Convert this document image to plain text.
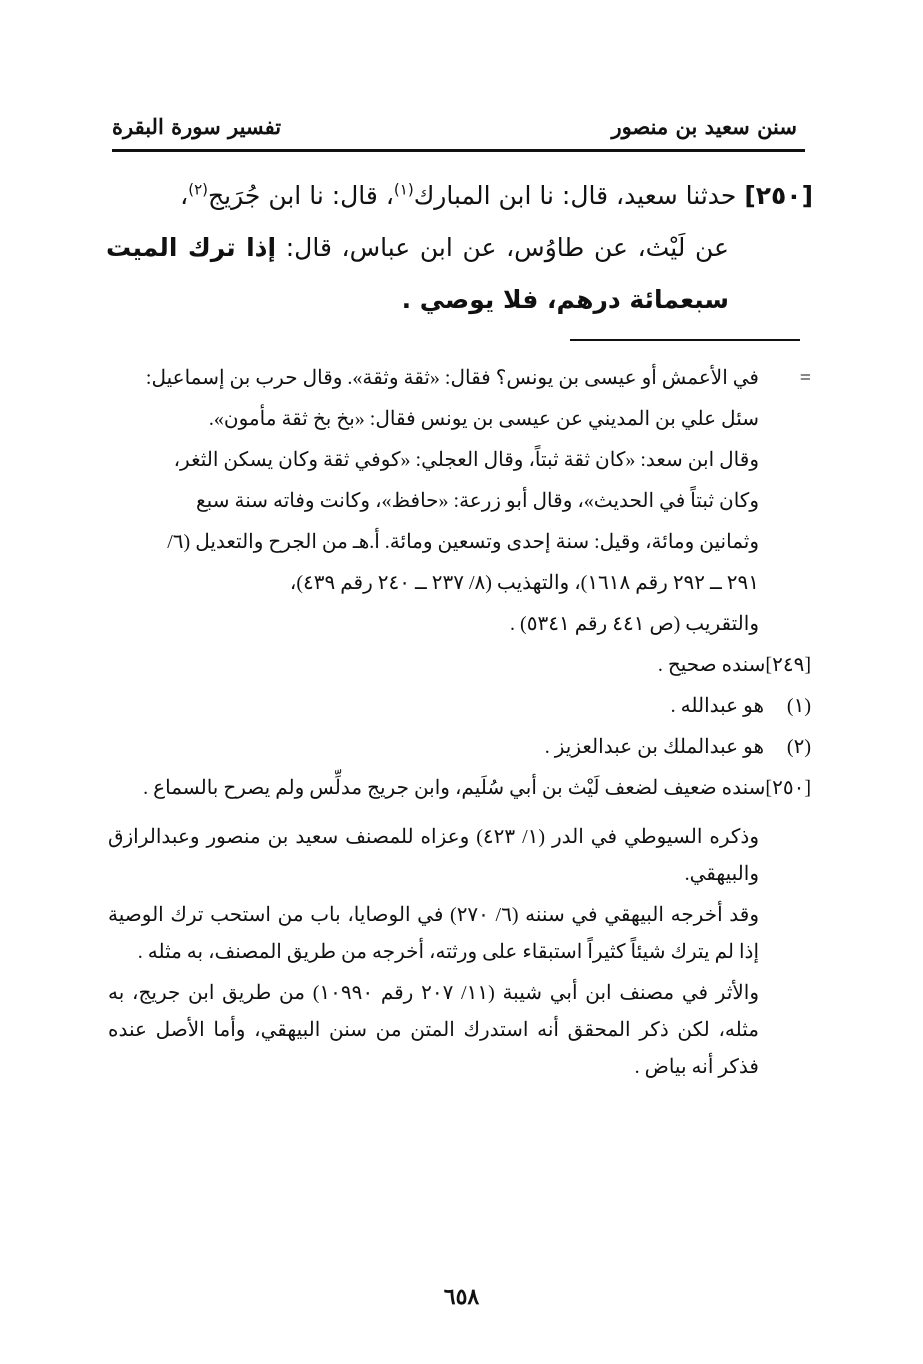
سنن سعيد بن منصور
تفسير سورة البقرة

[٢٥٠] حدثنا سعيد، قال: نا ابن المبارك$^{(١)}$، قال: نا ابن جُرَيج$^{(٢)}$،

عن لَيْث، عن طاوُس، عن ابن عباس، قال: إذا ترك الميت سبعمائة درهم، فلا يوصي .

=

في الأعمش أو عيسى بن يونس؟ فقال: «ثقة وثقة». وقال حرب بن إسماعيل:

سئل علي بن المديني عن عيسى بن يونس فقال: «بخ بخ ثقة مأمون».

وقال ابن سعد: «كان ثقة ثبتاً، وقال العجلي: «كوفي ثقة وكان يسكن الثغر،

وكان ثبتاً في الحديث»، وقال أبو زرعة: «حافظ»، وكانت وفاته سنة سبع

وثمانين ومائة، وقيل: سنة إحدى وتسعين ومائة. أ.هـ من الجرح والتعديل (٦/

٢٩١ ــ ٢٩٢ رقم ١٦١٨)، والتهذيب (٨/ ٢٣٧ ــ ٢٤٠ رقم ٤٣٩)،

والتقريب (ص ٤٤١ رقم ٥٣٤١) .

[٢٤٩]سنده صحيح .

(١) هو عبدالله .

(٢) هو عبدالملك بن عبدالعزيز .

[٢٥٠]سنده ضعيف لضعف لَيْث بن أبي سُلَيم، وابن جريج مدلِّس ولم يصرح بالسماع .

وذكره السيوطي في الدر (١/ ٤٢٣) وعزاه للمصنف سعيد بن منصور وعبدالرازق والبيهقي.

وقد أخرجه البيهقي في سننه (٦/ ٢٧٠) في الوصايا، باب من استحب ترك الوصية إذا لم يترك شيئاً كثيراً استبقاء على ورثته، أخرجه من طريق المصنف، به مثله .

والأثر في مصنف ابن أبي شيبة (١١/ ٢٠٧ رقم ١٠٩٩٠) من طريق ابن جريج، به مثله، لكن ذكر المحقق أنه استدرك المتن من سنن البيهقي، وأما الأصل عنده فذكر أنه بياض .

٦٥٨
